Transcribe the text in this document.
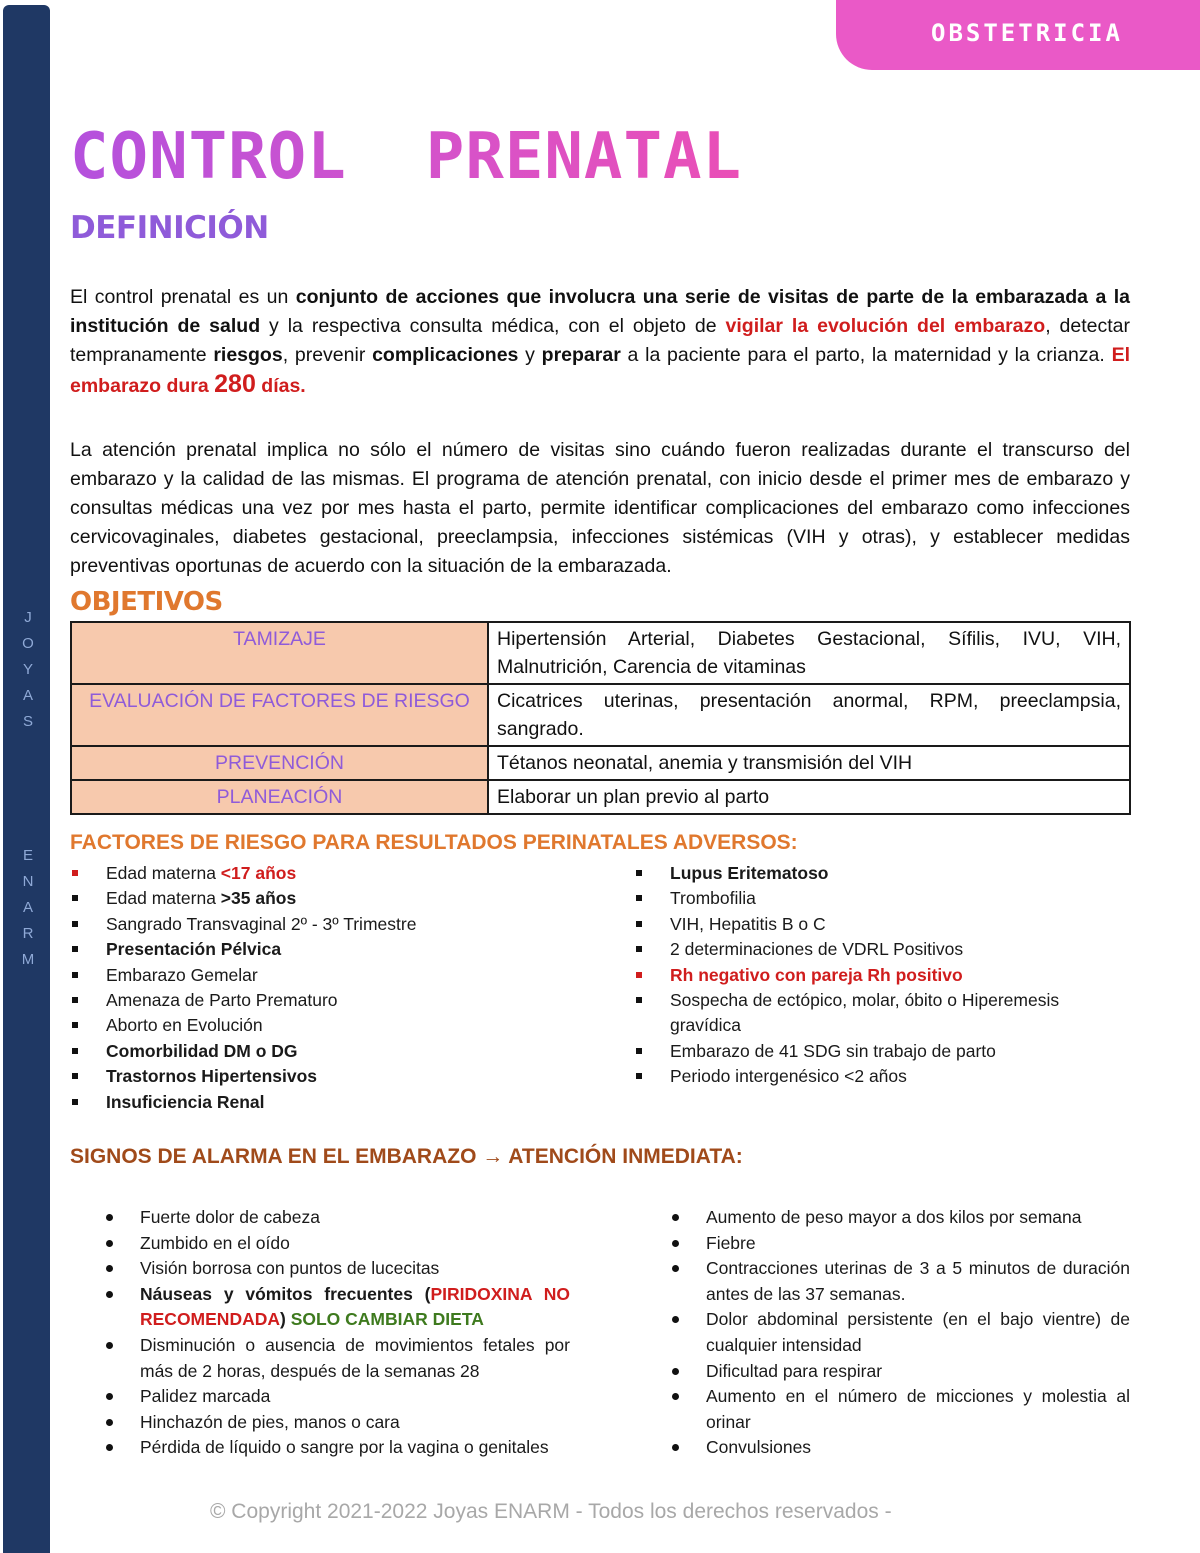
J
O
Y
A
S
E
N
A
R
M
OBSTETRICIA
CONTROL  PRENATAL
DEFINICIÓN

El control prenatal es un conjunto de acciones que involucra una serie de visitas de parte de la embarazada a la institución de salud y la respectiva consulta médica, con el objeto de vigilar la evolución del embarazo, detectar tempranamente riesgos, prevenir complicaciones y preparar a la paciente para el parto, la maternidad y la crianza. El embarazo dura 280 días.

La atención prenatal implica no sólo el número de visitas sino cuándo fueron realizadas durante el transcurso del embarazo y la calidad de las mismas. El programa de atención prenatal, con inicio desde el primer mes de embarazo y consultas médicas una vez por mes hasta el parto, permite identificar complicaciones del embarazo como infecciones cervicovaginales, diabetes gestacional, preeclampsia, infecciones sistémicas (VIH y otras), y establecer medidas preventivas oportunas de acuerdo con la situación de la embarazada.

OBJETIVOS
TAMIZAJE	Hipertensión Arterial, Diabetes Gestacional, Sífilis, IVU, VIH, Malnutrición, Carencia de vitaminas
EVALUACIÓN DE FACTORES DE RIESGO	Cicatrices uterinas, presentación anormal, RPM, preeclampsia, sangrado.
PREVENCIÓN	Tétanos neonatal, anemia y transmisión del VIH
PLANEACIÓN	Elaborar un plan previo al parto
FACTORES DE RIESGO PARA RESULTADOS PERINATALES ADVERSOS:
Edad materna <17 años
Edad materna >35 años
Sangrado Transvaginal 2º - 3º Trimestre
Presentación Pélvica
Embarazo Gemelar
Amenaza de Parto Prematuro
Aborto en Evolución
Comorbilidad DM o DG
Trastornos Hipertensivos
Insuficiencia Renal
Lupus Eritematoso
Trombofilia
VIH, Hepatitis B o C
2 determinaciones de VDRL Positivos
Rh negativo con pareja Rh positivo
Sospecha de ectópico, molar, óbito o Hiperemesis gravídica
Embarazo de 41 SDG sin trabajo de parto
Periodo intergenésico <2 años
SIGNOS DE ALARMA EN EL EMBARAZO → ATENCIÓN INMEDIATA:
Fuerte dolor de cabeza
Zumbido en el oído
Visión borrosa con puntos de lucecitas
Náuseas y vómitos frecuentes (PIRIDOXINA NO RECOMENDADA) SOLO CAMBIAR DIETA
Disminución o ausencia de movimientos fetales por más de 2 horas, después de la semanas 28
Palidez marcada
Hinchazón de pies, manos o cara
Pérdida de líquido o sangre por la vagina o genitales
Aumento de peso mayor a dos kilos por semana
Fiebre
Contracciones uterinas de 3 a 5 minutos de duración antes de las 37 semanas.
Dolor abdominal persistente (en el bajo vientre) de cualquier intensidad
Dificultad para respirar
Aumento en el número de micciones y molestia al orinar
Convulsiones
© Copyright 2021-2022 Joyas ENARM - Todos los derechos reservados -
